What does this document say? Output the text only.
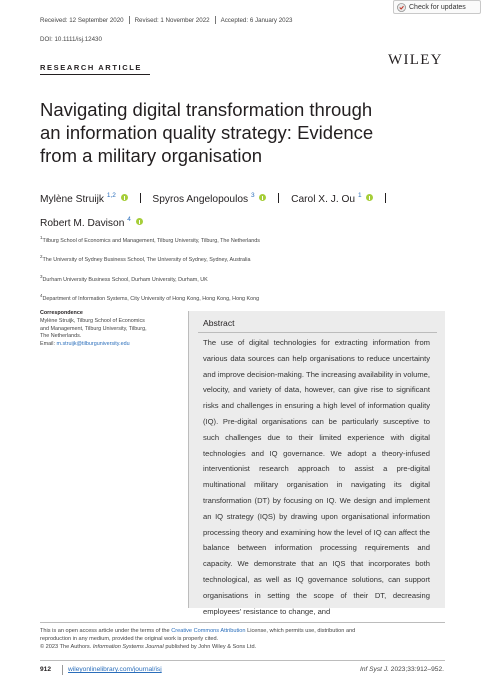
Received: 12 September 2020 Revised: 1 November 2022 Accepted: 6 January 2023
DOI: 10.1111/isj.12430
Check for updates
RESEARCH ARTICLE	WILEY
Navigating digital transformation through
an information quality strategy: Evidence
from a military organisation
Mylène Struijk $^{1,2}$	Spyros Angelopoulos $^3$	Carol X. J. Ou $^1$
Robert M. Davison $^4$

$^1$Tilburg School of Economics and Management, Tilburg University, Tilburg, The Netherlands

$^2$The University of Sydney Business School, The University of Sydney, Sydney, Australia

$^3$Durham University Business School, Durham University, Durham, UK

$^4$Department of Information Systems, City University of Hong Kong, Hong Kong, Hong Kong

Correspondence
Mylène Struijk, Tilburg School of Economics
and Management, Tilburg University, Tilburg,
The Netherlands.
Email: m.struijk@tilburguniversity.edu
Abstract
The use of digital technologies for extracting information from various data sources can help organisations to reduce uncertainty and improve decision-making. The increasing availability in volume, velocity, and variety of data, however, can give rise to significant risks and challenges in ensuring a high level of information quality (IQ). Pre-digital organisations can be particularly susceptive to such challenges due to their limited experience with digital technologies and IQ governance. We adopt a theory-infused interventionist research approach to assist a pre-digital multinational military organisation in navigating its digital transformation (DT) by focusing on IQ. We design and implement an IQ strategy (IQS) by drawing upon organisational information processing theory and examining how the level of IQ can affect the balance between information processing requirements and capacity. We demonstrate that an IQS that incorporates both technological, as well as IQ governance solutions, can support organisations in setting the scope of their DT, decreasing employees' resistance to change, and
This is an open access article under the terms of the Creative Commons Attribution License, which permits use, distribution and
reproduction in any medium, provided the original work is properly cited.
© 2023 The Authors. Information Systems Journal published by John Wiley & Sons Ltd.
912	wileyonlinelibrary.com/journal/isj	Inf Syst J. 2023;33:912–952.
